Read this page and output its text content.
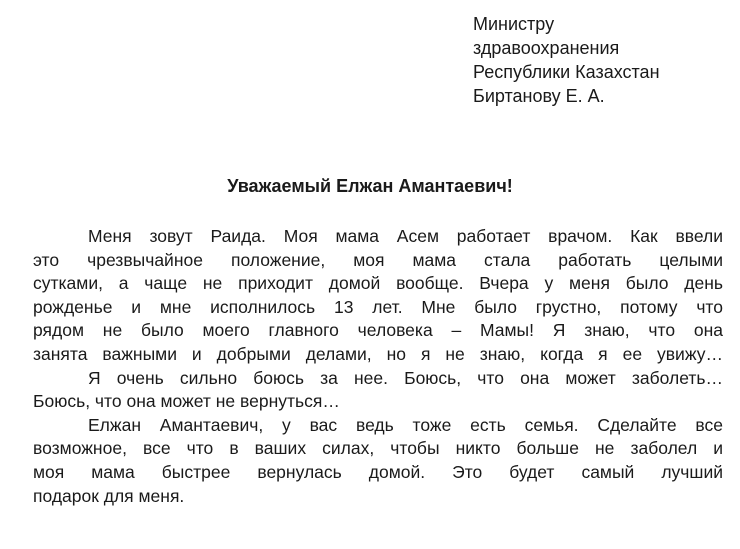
Министру
здравоохранения
Республики Казахстан
Биртанову Е. А.
Уважаемый Елжан Амантаевич!
Меня зовут Раида. Моя мама Асем работает врачом. Как ввели
это чрезвычайное положение, моя мама стала работать целыми
сутками, а чаще не приходит домой вообще. Вчера у меня было день
рожденье и мне исполнилось 13 лет. Мне было грустно, потому что
рядом не было моего главного человека – Мамы! Я знаю, что она
занята важными и добрыми делами, но я не знаю, когда я ее увижу…
Я очень сильно боюсь за нее. Боюсь, что она может заболеть…
Боюсь, что она может не вернуться…
Елжан Амантаевич, у вас ведь тоже есть семья. Сделайте все
возможное, все что в ваших силах, чтобы никто больше не заболел и
моя мама быстрее вернулась домой. Это будет самый лучший
подарок для меня.
